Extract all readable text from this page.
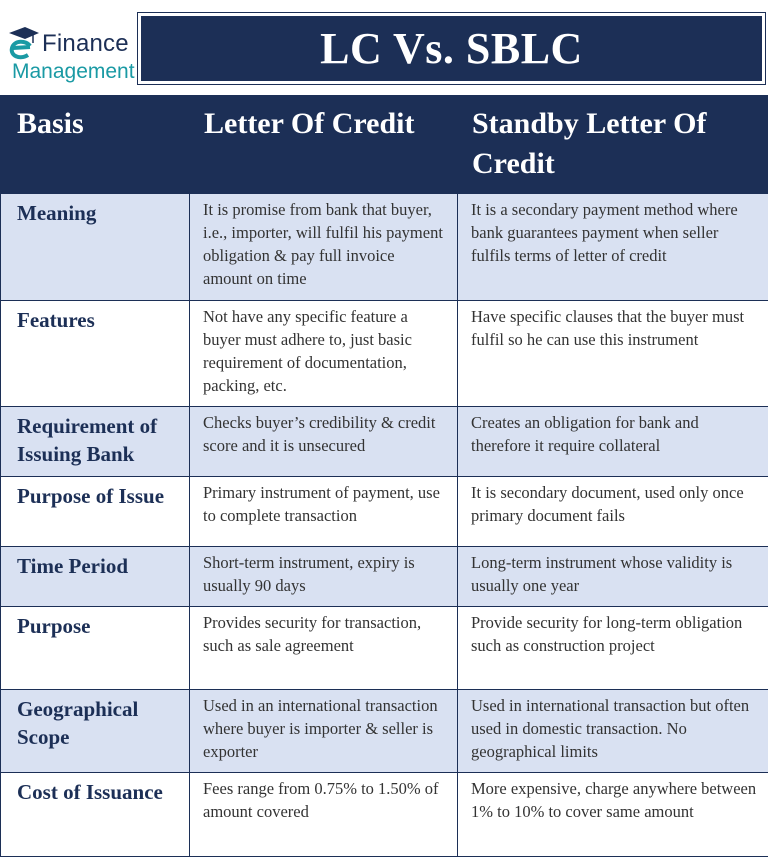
Finance
Management	LC Vs. SBLC
Basis	Letter Of Credit	Standby Letter Of Credit
Meaning	It is promise from bank that buyer, i.e., importer, will fulfil his payment obligation & pay full invoice amount on time	It is a secondary payment method where bank guarantees payment when seller fulfils terms of letter of credit
Features	Not have any specific feature a buyer must adhere to, just basic requirement of documentation, packing, etc.	Have specific clauses that the buyer must fulfil so he can use this instrument
Requirement of Issuing Bank	Checks buyer’s credibility & credit score and it is unsecured	Creates an obligation for bank and therefore it require collateral
Purpose of Issue	Primary instrument of payment, use to complete transaction	It is secondary document, used only once primary document fails
Time Period	Short-term instrument, expiry is usually 90 days	Long-term instrument whose validity is usually one year
Purpose	Provides security for transaction, such as sale agreement	Provide security for long-term obligation such as construction project
Geographical Scope	Used in an international transaction where buyer is importer & seller is exporter	Used in international transaction but often used in domestic transaction. No geographical limits
Cost of Issuance	Fees range from 0.75% to 1.50% of amount covered	More expensive, charge anywhere between 1% to 10% to cover same amount
